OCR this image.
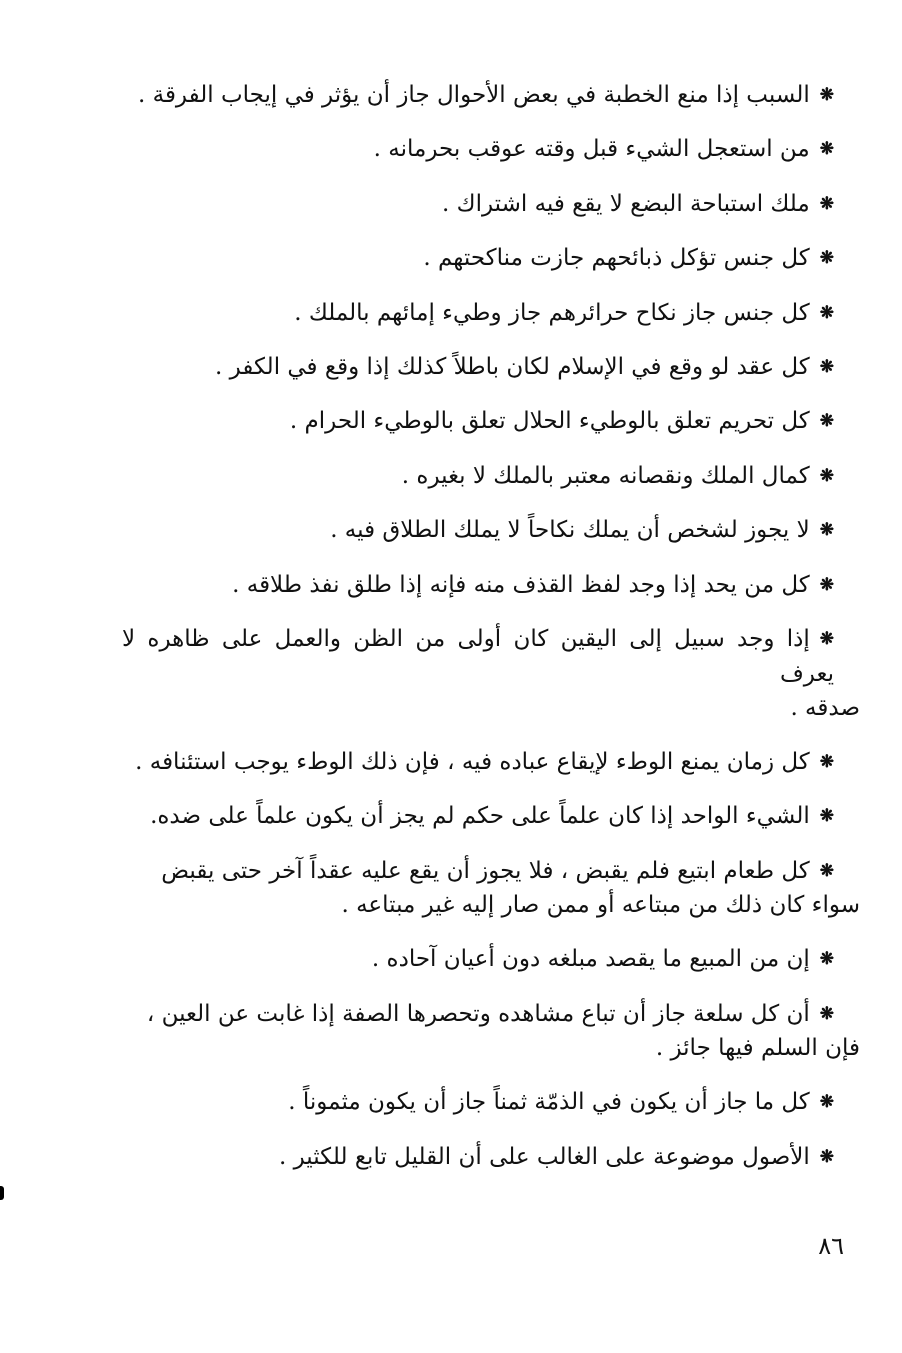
❋السبب إذا منع الخطبة في بعض الأحوال جاز أن يؤثر في إيجاب الفرقة .

❋من استعجل الشيء قبل وقته عوقب بحرمانه .

❋ملك استباحة البضع لا يقع فيه اشتراك .

❋كل جنس تؤكل ذبائحهم جازت مناكحتهم .

❋كل جنس جاز نكاح حرائرهم جاز وطيء إمائهم بالملك .

❋كل عقد لو وقع في الإسلام لكان باطلاً كذلك إذا وقع في الكفر .

❋كل تحريم تعلق بالوطيء الحلال تعلق بالوطيء الحرام .

❋كمال الملك ونقصانه معتبر بالملك لا بغيره .

❋لا يجوز لشخص أن يملك نكاحاً لا يملك الطلاق فيه .

❋كل من يحد إذا وجد لفظ القذف منه فإنه إذا طلق نفذ طلاقه .

❋إذا وجد سبيل إلى اليقين كان أولى من الظن والعمل على ظاهره لا يعرف
صدقه .

❋كل زمان يمنع الوطء لإيقاع عباده فيه ، فإن ذلك الوطء يوجب استئنافه .

❋الشيء الواحد إذا كان علماً على حكم لم يجز أن يكون علماً على ضده.

❋كل طعام ابتيع فلم يقبض ، فلا يجوز أن يقع عليه عقداً آخر حتى يقبض
سواء كان ذلك من مبتاعه أو ممن صار إليه غير مبتاعه .

❋إن من المبيع ما يقصد مبلغه دون أعيان آحاده .

❋أن كل سلعة جاز أن تباع مشاهده وتحصرها الصفة إذا غابت عن العين ،
فإن السلم فيها جائز .

❋كل ما جاز أن يكون في الذمّة ثمناً جاز أن يكون مثموناً .

❋الأصول موضوعة على الغالب على أن القليل تابع للكثير .

٨٦
